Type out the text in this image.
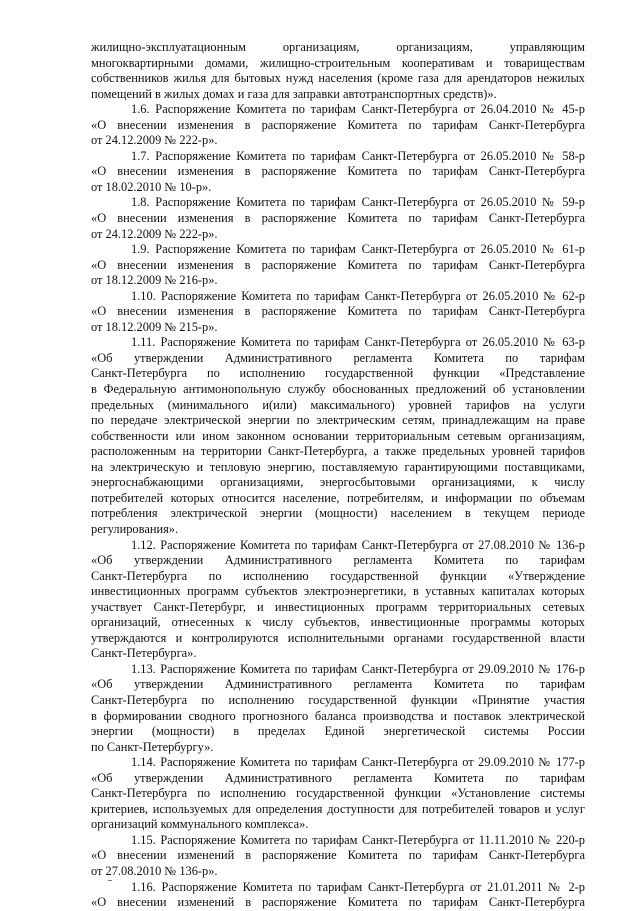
жилищно-эксплуатационным организациям, организациям, управляющим
многоквартирными домами, жилищно-строительным кооперативам и товариществам
собственников жилья для бытовых нужд населения (кроме газа для арендаторов нежилых
помещений в жилых домах и газа для заправки автотранспортных средств)».
1.6. Распоряжение Комитета по тарифам Санкт-Петербурга от 26.04.2010 № 45-р
«О внесении изменения в распоряжение Комитета по тарифам Санкт-Петербурга
от 24.12.2009 № 222-р».
1.7. Распоряжение Комитета по тарифам Санкт-Петербурга от 26.05.2010 № 58-р
«О внесении изменения в распоряжение Комитета по тарифам Санкт-Петербурга
от 18.02.2010 № 10-р».
1.8. Распоряжение Комитета по тарифам Санкт-Петербурга от 26.05.2010 № 59-р
«О внесении изменения в распоряжение Комитета по тарифам Санкт-Петербурга
от 24.12.2009 № 222-р».
1.9. Распоряжение Комитета по тарифам Санкт-Петербурга от 26.05.2010 № 61-р
«О внесении изменения в распоряжение Комитета по тарифам Санкт-Петербурга
от 18.12.2009 № 216-р».
1.10. Распоряжение Комитета по тарифам Санкт-Петербурга от 26.05.2010 № 62-р
«О внесении изменения в распоряжение Комитета по тарифам Санкт-Петербурга
от 18.12.2009 № 215-р».
1.11. Распоряжение Комитета по тарифам Санкт-Петербурга от 26.05.2010 № 63-р
«Об утверждении Административного регламента Комитета по тарифам
Санкт-Петербурга по исполнению государственной функции «Представление
в Федеральную антимонопольную службу обоснованных предложений об установлении
предельных (минимального и(или) максимального) уровней тарифов на услуги
по передаче электрической энергии по электрическим сетям, принадлежащим на праве
собственности или ином законном основании территориальным сетевым организациям,
расположенным на территории Санкт-Петербурга, а также предельных уровней тарифов
на электрическую и тепловую энергию, поставляемую гарантирующими поставщиками,
энергоснабжающими организациями, энергосбытовыми организациями, к числу
потребителей которых относится население, потребителям, и информации по объемам
потребления электрической энергии (мощности) населением в текущем периоде
регулирования».
1.12. Распоряжение Комитета по тарифам Санкт-Петербурга от 27.08.2010 № 136-р
«Об утверждении Административного регламента Комитета по тарифам
Санкт-Петербурга по исполнению государственной функции «Утверждение
инвестиционных программ субъектов электроэнергетики, в уставных капиталах которых
участвует Санкт-Петербург, и инвестиционных программ территориальных сетевых
организаций, отнесенных к числу субъектов, инвестиционные программы которых
утверждаются и контролируются исполнительными органами государственной власти
Санкт-Петербурга».
1.13. Распоряжение Комитета по тарифам Санкт-Петербурга от 29.09.2010 № 176-р
«Об утверждении Административного регламента Комитета по тарифам
Санкт-Петербурга по исполнению государственной функции «Принятие участия
в формировании сводного прогнозного баланса производства и поставок электрической
энергии (мощности) в пределах Единой энергетической системы России
по Санкт-Петербургу».
1.14. Распоряжение Комитета по тарифам Санкт-Петербурга от 29.09.2010 № 177-р
«Об утверждении Административного регламента Комитета по тарифам
Санкт-Петербурга по исполнению государственной функции «Установление системы
критериев, используемых для определения доступности для потребителей товаров и услуг
организаций коммунального комплекса».
1.15. Распоряжение Комитета по тарифам Санкт-Петербурга от 11.11.2010 № 220-р
«О внесении изменений в распоряжение Комитета по тарифам Санкт-Петербурга
от 27.08.2010 № 136-р».
1.16. Распоряжение Комитета по тарифам Санкт-Петербурга от 21.01.2011 № 2-р
«О внесении изменений в распоряжение Комитета по тарифам Санкт-Петербурга
